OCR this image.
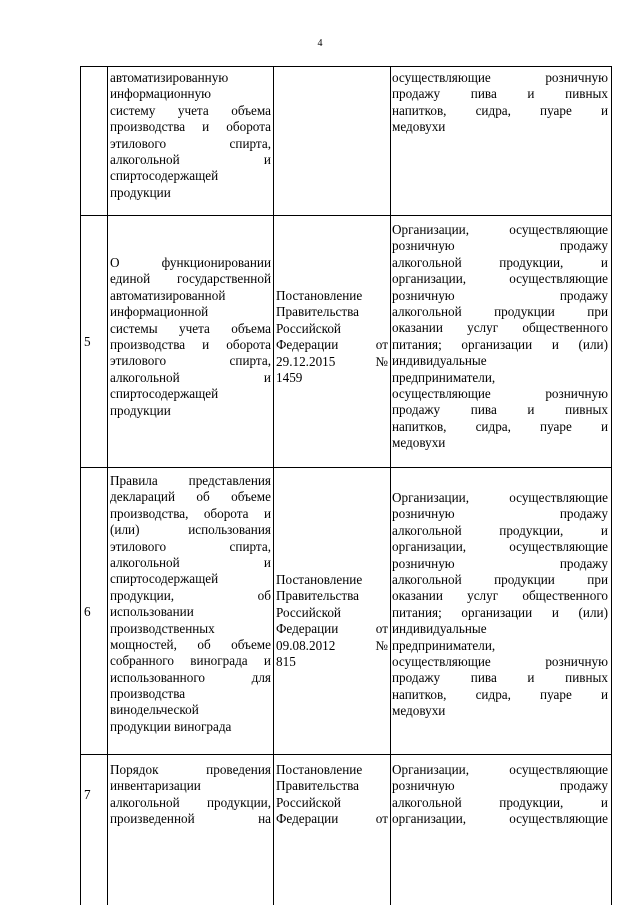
4
автоматизированную
информационную
систему учета объема
производства и оборота
этилового спирта,
алкогольной и
спиртосодержащей
продукции
осуществляющие розничную
продажу пива и пивных
напитков, сидра, пуаре и
медовухи
5
О функционировании
единой государственной
автоматизированной
информационной
системы учета объема
производства и оборота
этилового спирта,
алкогольной и
спиртосодержащей
продукции
Постановление
Правительства
Российской
Федерации от
29.12.2015 №
1459
Организации, осуществляющие
розничную продажу
алкогольной продукции, и
организации, осуществляющие
розничную продажу
алкогольной продукции при
оказании услуг общественного
питания; организации и (или)
индивидуальные
предприниматели,
осуществляющие розничную
продажу пива и пивных
напитков, сидра, пуаре и
медовухи
6
Правила представления
деклараций об объеме
производства, оборота и
(или) использования
этилового спирта,
алкогольной и
спиртосодержащей
продукции, об
использовании
производственных
мощностей, об объеме
собранного винограда и
использованного для
производства
винодельческой
продукции винограда
Постановление
Правительства
Российской
Федерации от
09.08.2012 №
815
Организации, осуществляющие
розничную продажу
алкогольной продукции, и
организации, осуществляющие
розничную продажу
алкогольной продукции при
оказании услуг общественного
питания; организации и (или)
индивидуальные
предприниматели,
осуществляющие розничную
продажу пива и пивных
напитков, сидра, пуаре и
медовухи
7
Порядок проведения
инвентаризации
алкогольной продукции,
произведенной на
Постановление
Правительства
Российской
Федерации от
Организации, осуществляющие
розничную продажу
алкогольной продукции, и
организации, осуществляющие
